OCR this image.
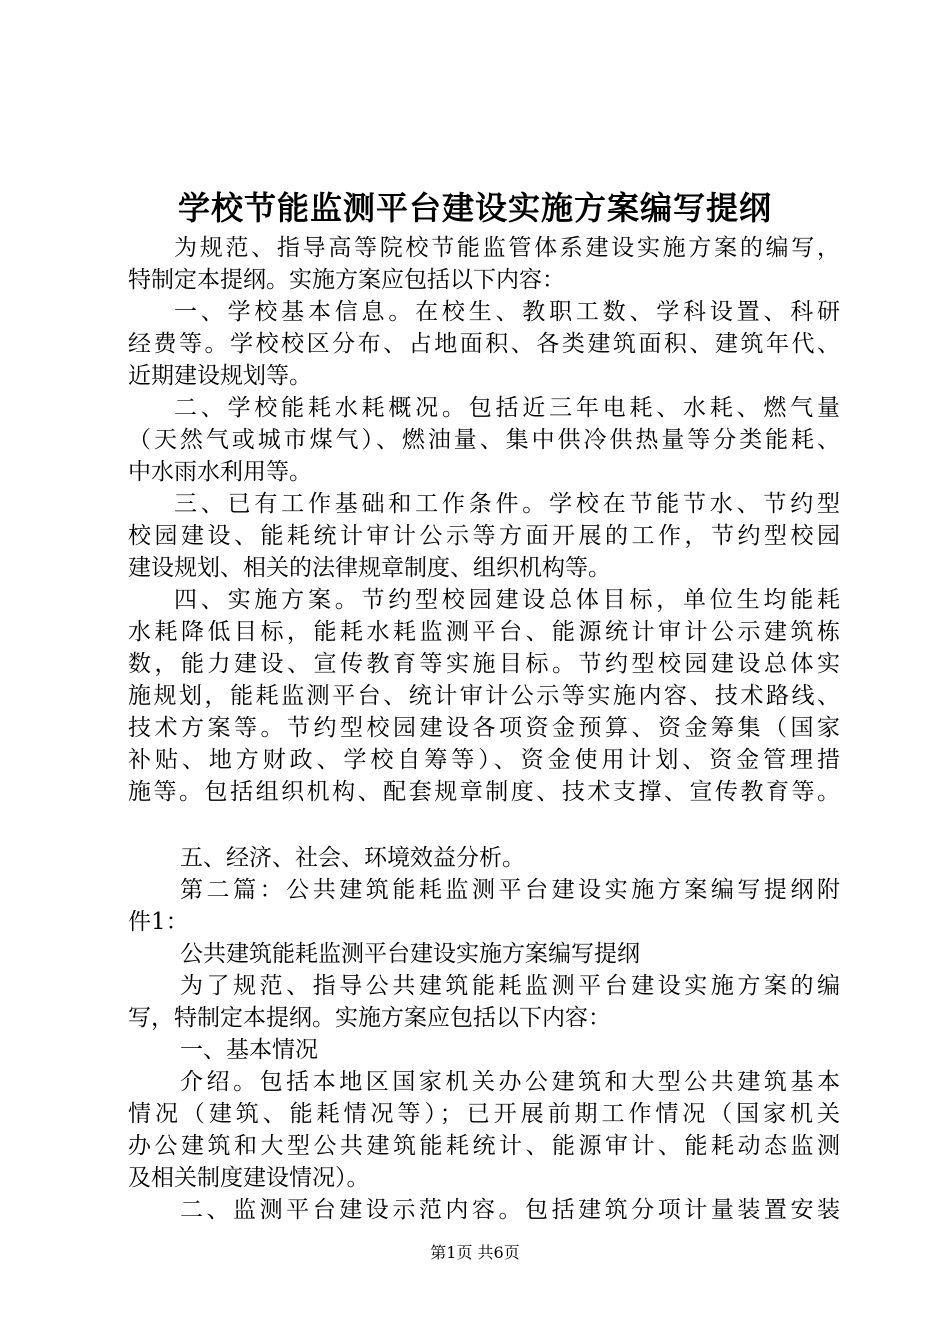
学校节能监测平台建设实施方案编写提纲
为规范、指导高等院校节能监管体系建设实施方案的编写，
特制定本提纲。实施方案应包括以下内容：
一、学校基本信息。在校生、教职工数、学科设置、科研
经费等。学校校区分布、占地面积、各类建筑面积、建筑年代、
近期建设规划等。
二、学校能耗水耗概况。包括近三年电耗、水耗、燃气量
（天然气或城市煤气）、燃油量、集中供冷供热量等分类能耗、
中水雨水利用等。
三、已有工作基础和工作条件。学校在节能节水、节约型
校园建设、能耗统计审计公示等方面开展的工作，节约型校园
建设规划、相关的法律规章制度、组织机构等。
四、实施方案。节约型校园建设总体目标，单位生均能耗
水耗降低目标，能耗水耗监测平台、能源统计审计公示建筑栋
数，能力建设、宣传教育等实施目标。节约型校园建设总体实
施规划，能耗监测平台、统计审计公示等实施内容、技术路线、
技术方案等。节约型校园建设各项资金预算、资金筹集（国家
补贴、地方财政、学校自筹等）、资金使用计划、资金管理措
施等。包括组织机构、配套规章制度、技术支撑、宣传教育等。
五、经济、社会、环境效益分析。
第二篇：公共建筑能耗监测平台建设实施方案编写提纲附
件1：
公共建筑能耗监测平台建设实施方案编写提纲
为了规范、指导公共建筑能耗监测平台建设实施方案的编
写，特制定本提纲。实施方案应包括以下内容：
一、基本情况
介绍。包括本地区国家机关办公建筑和大型公共建筑基本
情况（建筑、能耗情况等）；已开展前期工作情况（国家机关
办公建筑和大型公共建筑能耗统计、能源审计、能耗动态监测
及相关制度建设情况）。
二、监测平台建设示范内容。包括建筑分项计量装置安装
第1页 共6页
